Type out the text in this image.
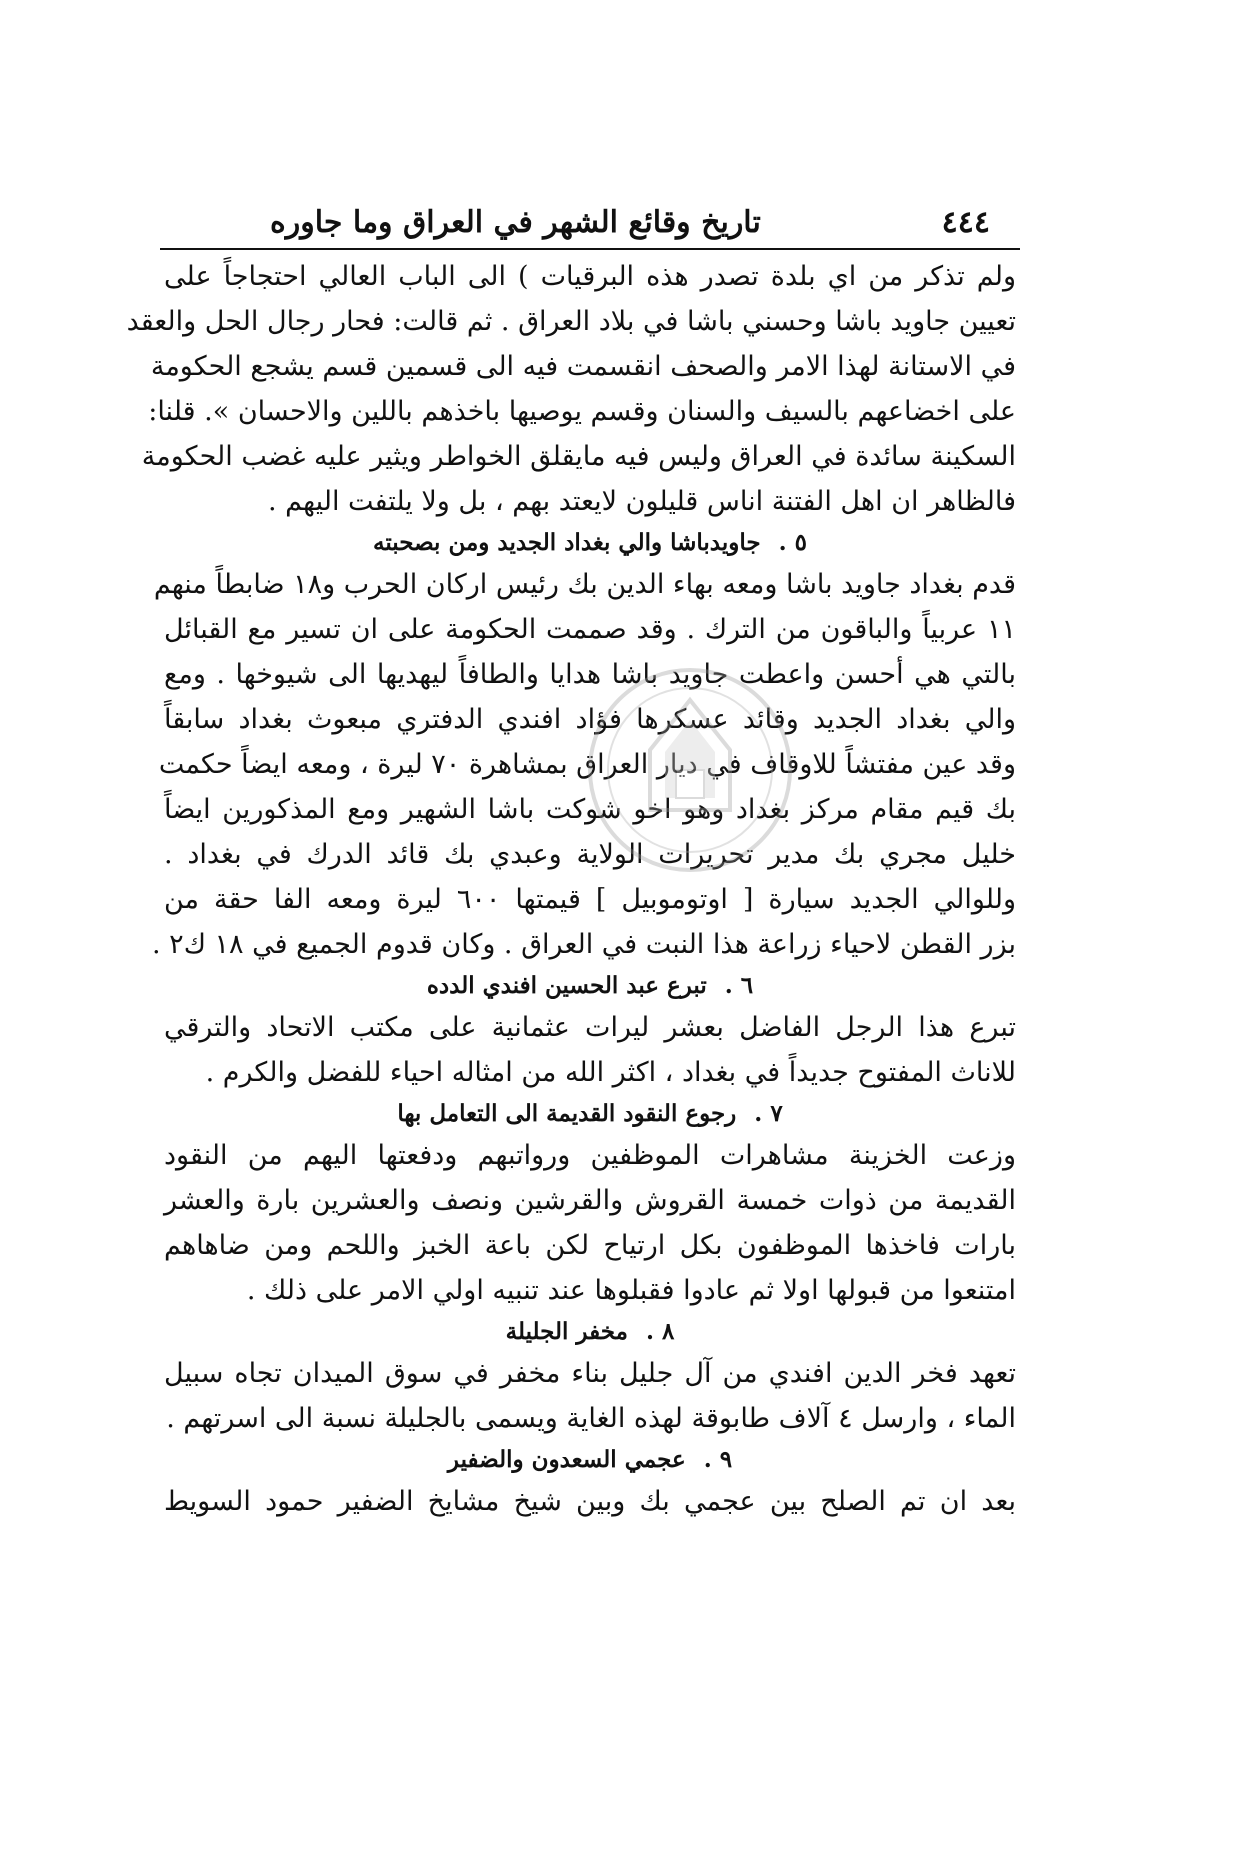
٤٤٤
تاريخ وقائع الشهر في العراق وما جاوره
ولم تذكر من اي بلدة تصدر هذه البرقيات ) الى الباب العالي احتجاجاً على
تعيين جاويد باشا وحسني باشا في بلاد العراق . ثم قالت: فحار رجال الحل والعقد
في الاستانة لهذا الامر والصحف انقسمت فيه الى قسمين قسم يشجع الحكومة
على اخضاعهم بالسيف والسنان وقسم يوصيها باخذهم باللين والاحسان ». قلنا:
السكينة سائدة في العراق وليس فيه مايقلق الخواطر ويثير عليه غضب الحكومة
فالظاهر ان اهل الفتنة اناس قليلون لايعتد بهم ، بل ولا يلتفت اليهم .
٥ . جاويدباشا والي بغداد الجديد ومن بصحبته
قدم بغداد جاويد باشا ومعه بهاء الدين بك رئيس اركان الحرب و١٨ ضابطاً منهم
١١ عربياً والباقون من الترك . وقد صممت الحكومة على ان تسير مع القبائل
بالتي هي أحسن واعطت جاويد باشا هدايا والطافاً ليهديها الى شيوخها . ومع
والي بغداد الجديد وقائد عسكرها فؤاد افندي الدفتري مبعوث بغداد سابقاً
وقد عين مفتشاً للاوقاف في ديار العراق بمشاهرة ٧٠ ليرة ، ومعه ايضاً حكمت
بك قيم مقام مركز بغداد وهو اخو شوكت باشا الشهير ومع المذكورين ايضاً
خليل مجري بك مدير تحريرات الولاية وعبدي بك قائد الدرك في بغداد .
وللوالي الجديد سيارة [ اوتوموبيل ] قيمتها ٦٠٠ ليرة ومعه الفا حقة من
بزر القطن لاحياء زراعة هذا النبت في العراق . وكان قدوم الجميع في ١٨ ك٢ .
٦ . تبرع عبد الحسين افندي الدده
تبرع هذا الرجل الفاضل بعشر ليرات عثمانية على مكتب الاتحاد والترقي
للاناث المفتوح جديداً في بغداد ، اكثر الله من امثاله احياء للفضل والكرم .
٧ . رجوع النقود القديمة الى التعامل بها
وزعت الخزينة مشاهرات الموظفين ورواتبهم ودفعتها اليهم من النقود
القديمة من ذوات خمسة القروش والقرشين ونصف والعشرين بارة والعشر
بارات فاخذها الموظفون بكل ارتياح لكن باعة الخبز واللحم ومن ضاهاهم
امتنعوا من قبولها اولا ثم عادوا فقبلوها عند تنبيه اولي الامر على ذلك .
٨ . مخفر الجليلة
تعهد فخر الدين افندي من آل جليل بناء مخفر في سوق الميدان تجاه سبيل
الماء ، وارسل ٤ آلاف طابوقة لهذه الغاية ويسمى بالجليلة نسبة الى اسرتهم .
٩ . عجمي السعدون والضفير
بعد ان تم الصلح بين عجمي بك وبين شيخ مشايخ الضفير حمود السويط
